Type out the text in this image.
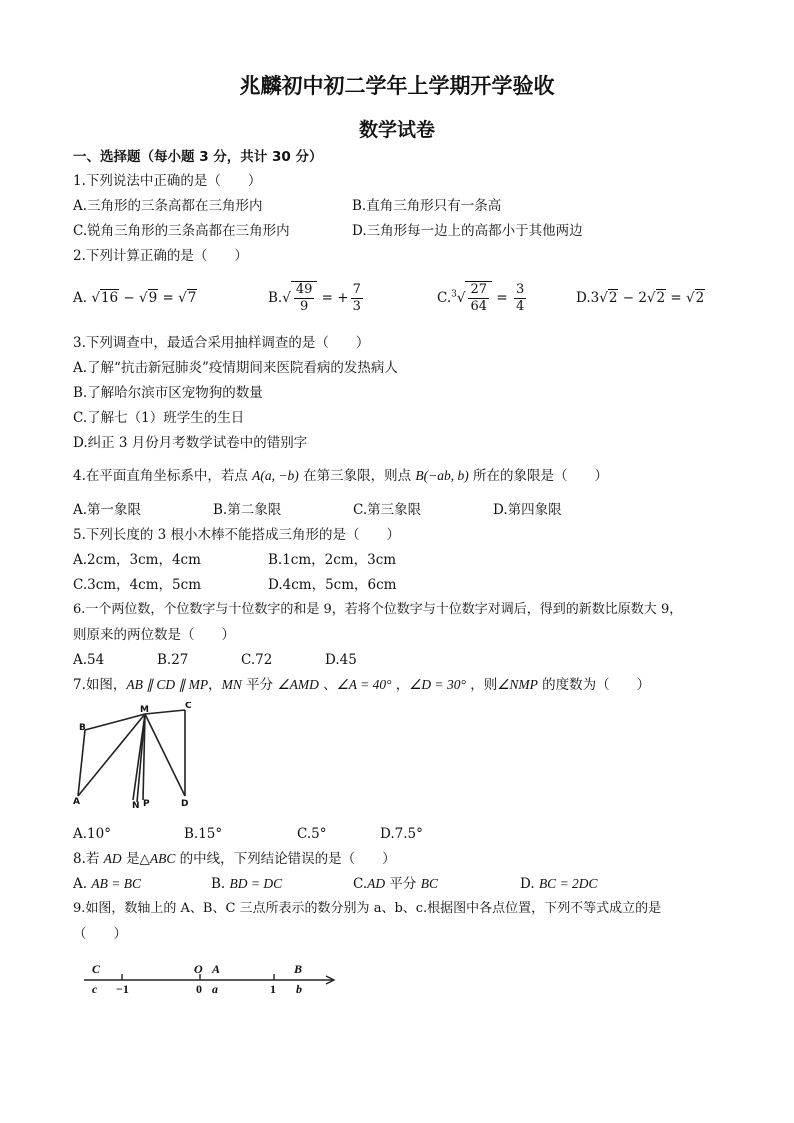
兆麟初中初二学年上学期开学验收
数学试卷
一、选择题（每小题 3 分，共计 30 分）
1.下列说法中正确的是（　　）
A.三角形的三条高都在三角形内	B.直角三角形只有一条高
C.锐角三角形的三条高都在三角形内	D.三角形每一边上的高都小于其他两边
2.下列计算正确的是（　　）
A. √16 − √9 = √7	$B.√ \frac{49}{9}$ = + $\frac{7}{3}$	$C.^3√ \frac{27}{64} = \frac{3}{4}$	D.3√2 − 2√2 = √2
3.下列调查中，最适合采用抽样调查的是（　　）
A.了解“抗击新冠肺炎”疫情期间来医院看病的发热病人
B.了解哈尔滨市区宠物狗的数量
C.了解七（1）班学生的生日
D.纠正 3 月份月考数学试卷中的错别字
4.在平面直角坐标系中，若点 A(a, −b) 在第三象限，则点 B(−ab, b) 所在的象限是（　　）
A.第一象限	B.第二象限	C.第三象限	D.第四象限
5.下列长度的 3 根小木棒不能搭成三角形的是（　　）
A.2cm，3cm，4cm	B.1cm，2cm，3cm
C.3cm，4cm，5cm	D.4cm，5cm，6cm
6.一个两位数，个位数字与十位数字的和是 9，若将个位数字与十位数字对调后，得到的新数比原数大 9，
则原来的两位数是（　　）
A.54	B.27	C.72	D.45
7.如图，AB ∥ CD ∥ MP，MN 平分 ∠AMD 、∠A = 40° ，∠D = 30° ，则∠NMP 的度数为（　　）
B
M	C
A	N P	D
A.10°	B.15°	C.5°	D.7.5°
8.若 AD 是△ABC 的中线，下列结论错误的是（　　）
A. AB = BC	B. BD = DC	C.AD 平分 BC	D. BC = 2DC
9.如图，数轴上的 A、B、C 三点所表示的数分别为 a、b、c.根据图中各点位置，下列不等式成立的是
（　　）
C
c −1
O
0
A
a	1
B
b
